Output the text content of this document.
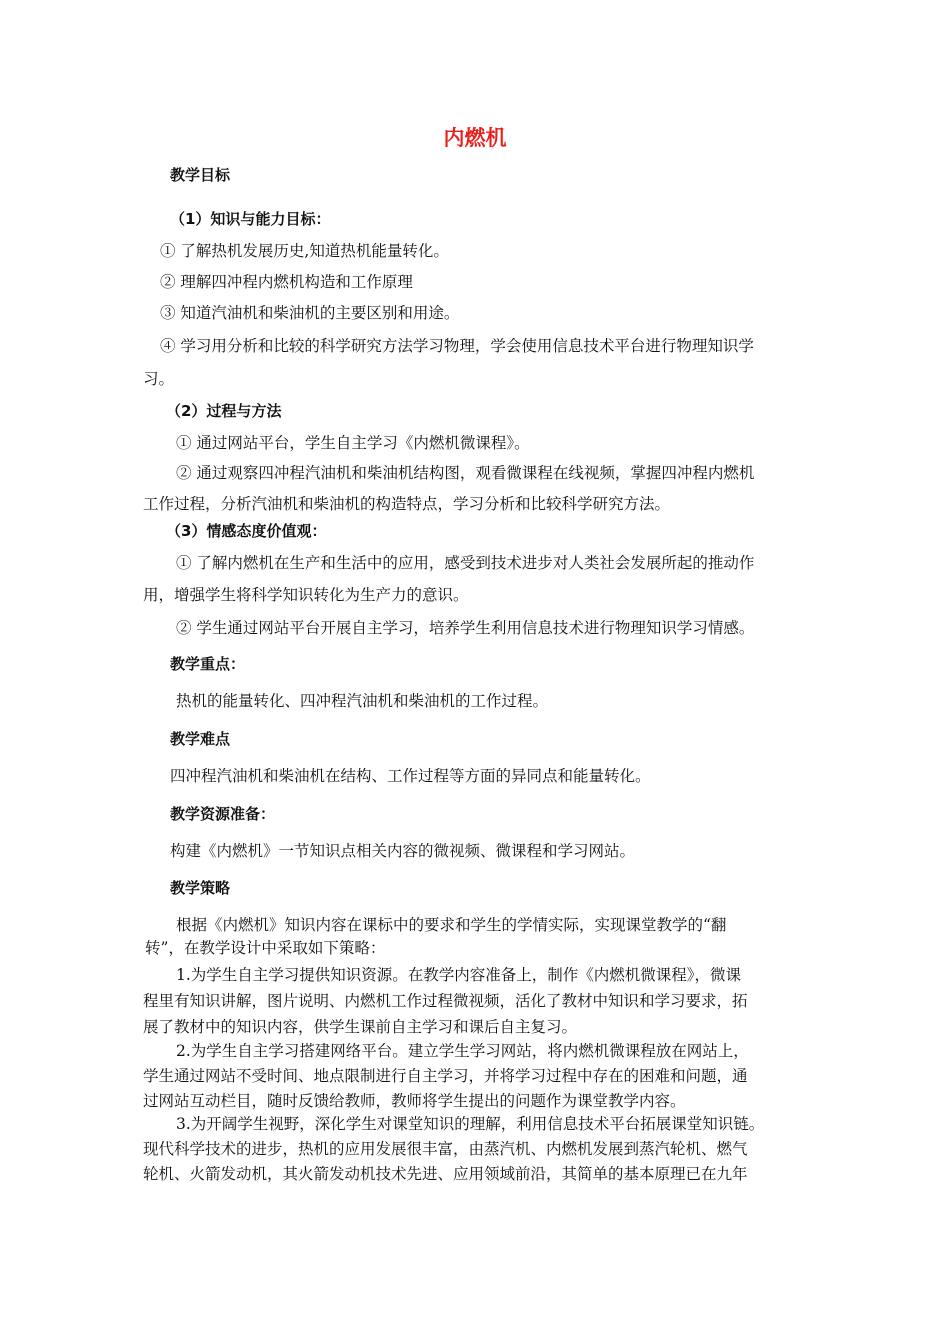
内燃机
教学目标
（1）知识与能力目标：
① 了解热机发展历史,知道热机能量转化。
② 理解四冲程内燃机构造和工作原理
③ 知道汽油机和柴油机的主要区别和用途。
④ 学习用分析和比较的科学研究方法学习物理，学会使用信息技术平台进行物理知识学
习。
（2）过程与方法
① 通过网站平台，学生自主学习《内燃机微课程》。
② 通过观察四冲程汽油机和柴油机结构图，观看微课程在线视频，掌握四冲程内燃机
工作过程，分析汽油机和柴油机的构造特点，学习分析和比较科学研究方法。
（3）情感态度价值观：
① 了解内燃机在生产和生活中的应用，感受到技术进步对人类社会发展所起的推动作
用，增强学生将科学知识转化为生产力的意识。
② 学生通过网站平台开展自主学习，培养学生利用信息技术进行物理知识学习情感。
教学重点：
热机的能量转化、四冲程汽油机和柴油机的工作过程。
教学难点
四冲程汽油机和柴油机在结构、工作过程等方面的异同点和能量转化。
教学资源准备：
构建《内燃机》一节知识点相关内容的微视频、微课程和学习网站。
教学策略
根据《内燃机》知识内容在课标中的要求和学生的学情实际，实现课堂教学的“翻
转”，在教学设计中采取如下策略：
1.为学生自主学习提供知识资源。在教学内容准备上，制作《内燃机微课程》，微课
程里有知识讲解，图片说明、内燃机工作过程微视频，活化了教材中知识和学习要求，拓
展了教材中的知识内容，供学生课前自主学习和课后自主复习。
2.为学生自主学习搭建网络平台。建立学生学习网站，将内燃机微课程放在网站上，
学生通过网站不受时间、地点限制进行自主学习，并将学习过程中存在的困难和问题，通
过网站互动栏目，随时反馈给教师，教师将学生提出的问题作为课堂教学内容。
3.为开阔学生视野，深化学生对课堂知识的理解，利用信息技术平台拓展课堂知识链。
现代科学技术的进步，热机的应用发展很丰富，由蒸汽机、内燃机发展到蒸汽轮机、燃气
轮机、火箭发动机，其火箭发动机技术先进、应用领域前沿，其简单的基本原理已在九年
